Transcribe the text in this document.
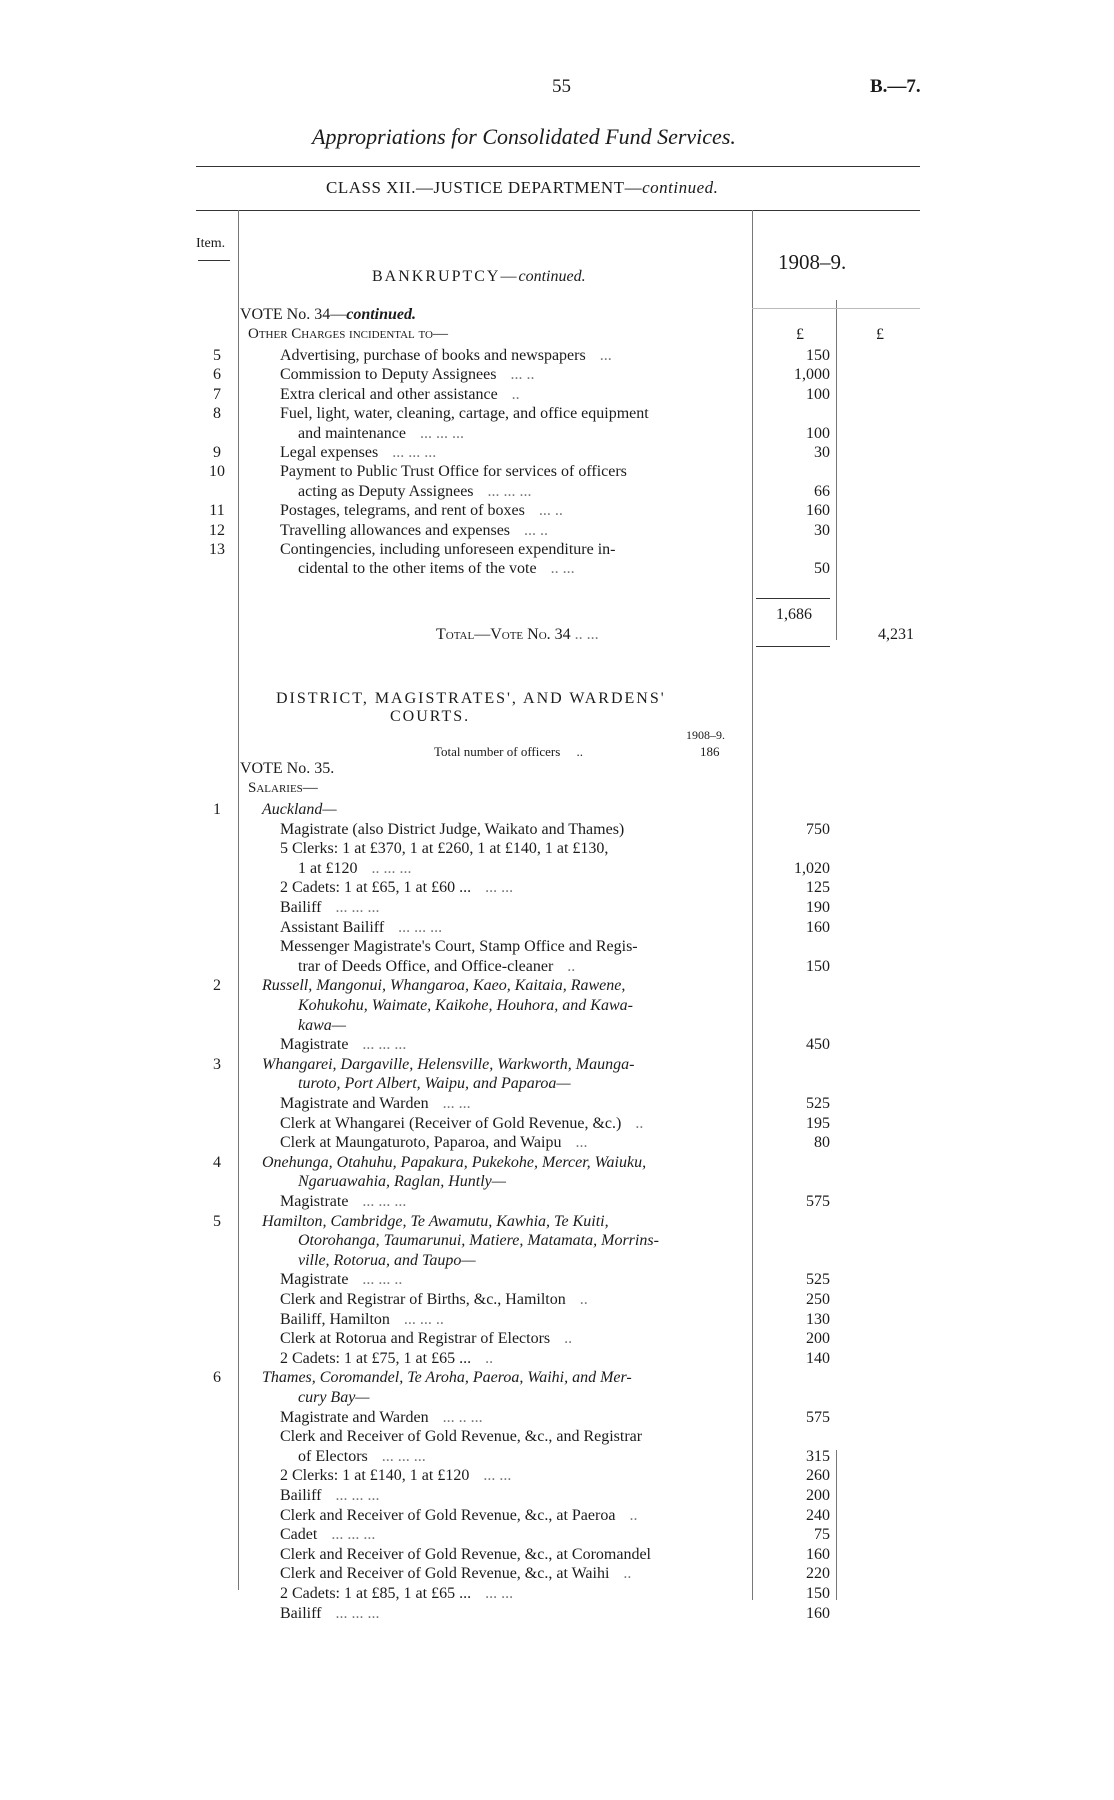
55	B.—7.
Appropriations for Consolidated Fund Services.
CLASS XII.—JUSTICE DEPARTMENT—continued.
Item.
1908–9.
BANKRUPTCY—continued.
VOTE No. 34—continued.
Other Charges incidental to—	£	£
5	Advertising, purchase of books and newspapers ...	150
6	Commission to Deputy Assignees ... ..	1,000
7	Extra clerical and other assistance ..	100
8	Fuel, light, water, cleaning, cartage, and office equipment
and maintenance ... ... ...	100
9	Legal expenses ... ... ...	30
10	Payment to Public Trust Office for services of officers
acting as Deputy Assignees ... ... ...	66
11	Postages, telegrams, and rent of boxes ... ..	160
12	Travelling allowances and expenses ... ..	30
13	Contingencies, including unforeseen expenditure in-
cidental to the other items of the vote .. ...	50
1,686
Total—Vote No. 34 .. ...	4,231
DISTRICT, MAGISTRATES', AND WARDENS'
COURTS.
1908–9.
Total number of officers ..	186
VOTE No. 35.
Salaries—
1	Auckland—
Magistrate (also District Judge, Waikato and Thames)	750
5 Clerks: 1 at £370, 1 at £260, 1 at £140, 1 at £130,
1 at £120 .. ... ...	1,020
2 Cadets: 1 at £65, 1 at £60 ... ... ...	125
Bailiff ... ... ...	190
Assistant Bailiff ... ... ...	160
Messenger Magistrate's Court, Stamp Office and Regis-
trar of Deeds Office, and Office-cleaner ..	150
2	Russell, Mangonui, Whangaroa, Kaeo, Kaitaia, Rawene,
Kohukohu, Waimate, Kaikohe, Houhora, and Kawa-
kawa—
Magistrate ... ... ...	450
3	Whangarei, Dargaville, Helensville, Warkworth, Maunga-
turoto, Port Albert, Waipu, and Paparoa—
Magistrate and Warden ... ...	525
Clerk at Whangarei (Receiver of Gold Revenue, &c.) ..	195
Clerk at Maungaturoto, Paparoa, and Waipu ...	80
4	Onehunga, Otahuhu, Papakura, Pukekohe, Mercer, Waiuku,
Ngaruawahia, Raglan, Huntly—
Magistrate ... ... ...	575
5	Hamilton, Cambridge, Te Awamutu, Kawhia, Te Kuiti,
Otorohanga, Taumarunui, Matiere, Matamata, Morrins-
ville, Rotorua, and Taupo—
Magistrate ... ... ..	525
Clerk and Registrar of Births, &c., Hamilton ..	250
Bailiff, Hamilton ... ... ..	130
Clerk at Rotorua and Registrar of Electors ..	200
2 Cadets: 1 at £75, 1 at £65 ... ..	140
6	Thames, Coromandel, Te Aroha, Paeroa, Waihi, and Mer-
cury Bay—
Magistrate and Warden ... .. ...	575
Clerk and Receiver of Gold Revenue, &c., and Registrar
of Electors ... ... ...	315
2 Clerks: 1 at £140, 1 at £120 ... ...	260
Bailiff ... ... ...	200
Clerk and Receiver of Gold Revenue, &c., at Paeroa ..	240
Cadet ... ... ...	75
Clerk and Receiver of Gold Revenue, &c., at Coromandel	160
Clerk and Receiver of Gold Revenue, &c., at Waihi ..	220
2 Cadets: 1 at £85, 1 at £65 ... ... ...	150
Bailiff ... ... ...	160
